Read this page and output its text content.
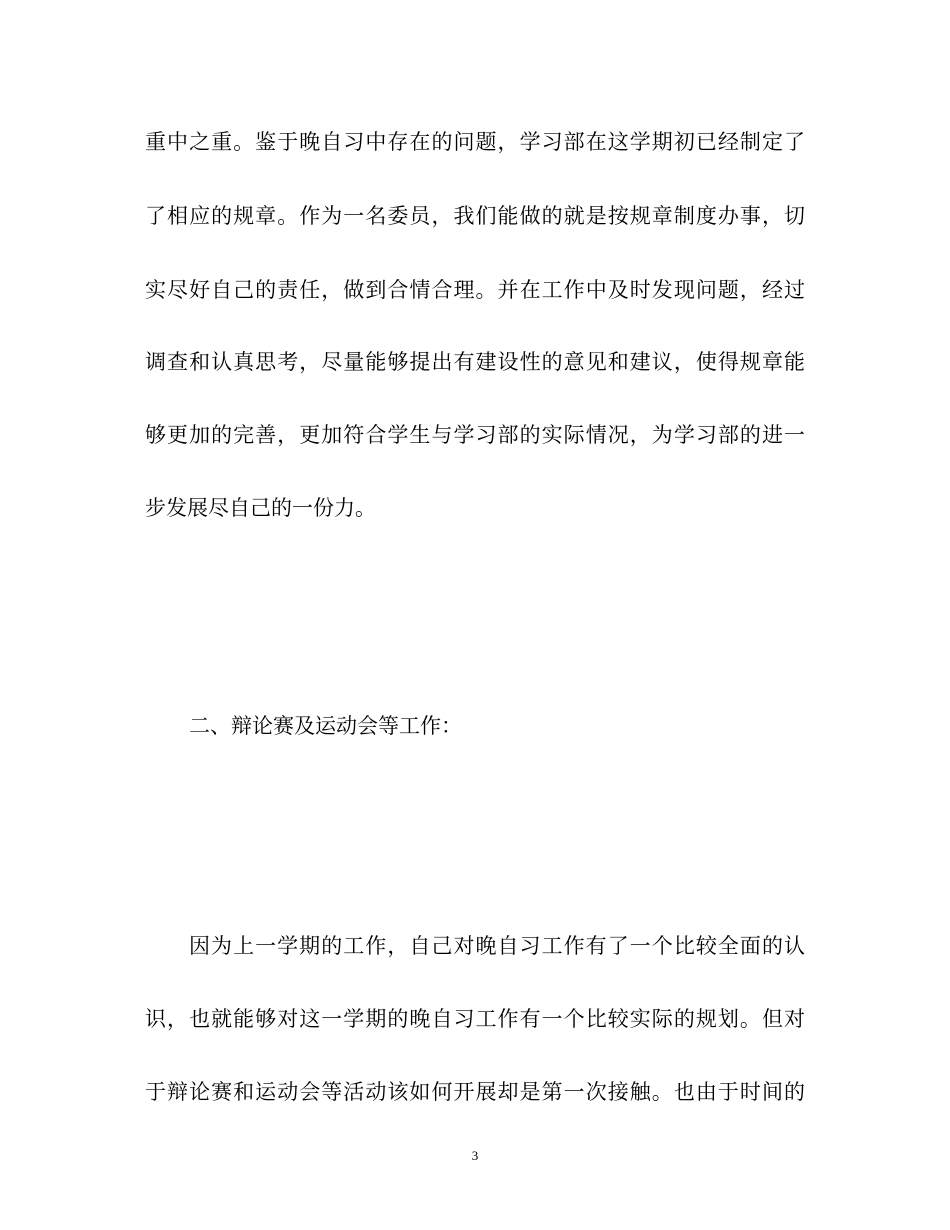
重中之重。鉴于晚自习中存在的问题，学习部在这学期初已经制定了
了相应的规章。作为一名委员，我们能做的就是按规章制度办事，切
实尽好自己的责任，做到合情合理。并在工作中及时发现问题，经过
调查和认真思考，尽量能够提出有建设性的意见和建议，使得规章能
够更加的完善，更加符合学生与学习部的实际情况，为学习部的进一
步发展尽自己的一份力。
二、辩论赛及运动会等工作：
因为上一学期的工作，自己对晚自习工作有了一个比较全面的认
识，也就能够对这一学期的晚自习工作有一个比较实际的规划。但对
于辩论赛和运动会等活动该如何开展却是第一次接触。也由于时间的
3
